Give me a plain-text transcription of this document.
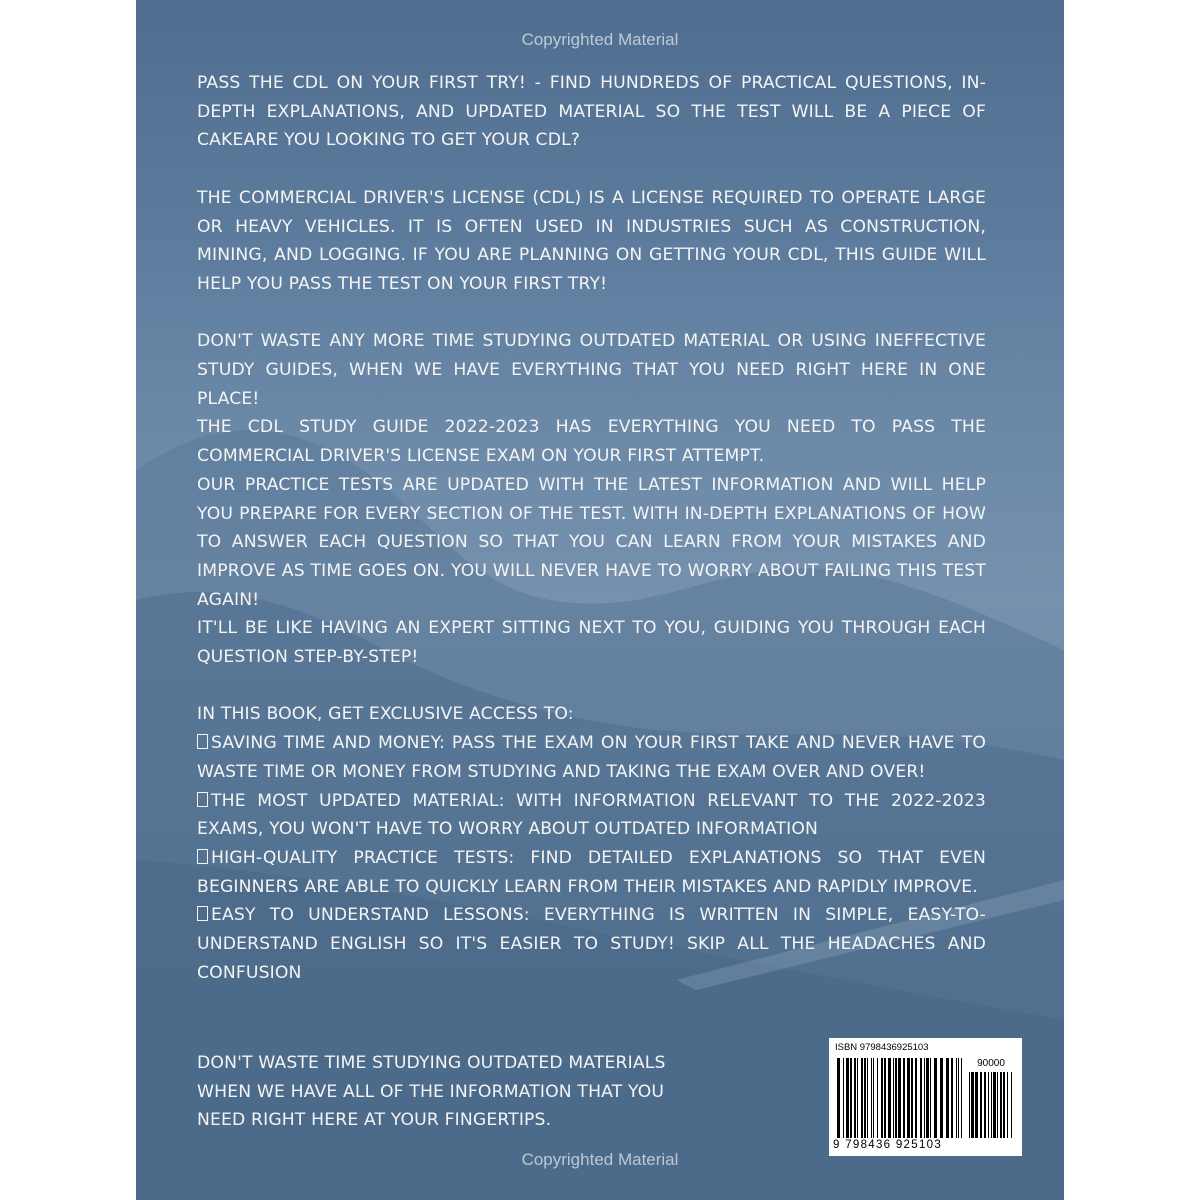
Copyrighted Material

PASS THE CDL ON YOUR FIRST TRY! - FIND HUNDREDS OF PRACTICAL QUESTIONS, IN-DEPTH EXPLANATIONS, AND UPDATED MATERIAL SO THE TEST WILL BE A PIECE OF CAKEARE YOU LOOKING TO GET YOUR CDL?

THE COMMERCIAL DRIVER'S LICENSE (CDL) IS A LICENSE REQUIRED TO OPERATE LARGE OR HEAVY VEHICLES. IT IS OFTEN USED IN INDUSTRIES SUCH AS CONSTRUCTION, MINING, AND LOGGING. IF YOU ARE PLANNING ON GETTING YOUR CDL, THIS GUIDE WILL HELP YOU PASS THE TEST ON YOUR FIRST TRY!

DON'T WASTE ANY MORE TIME STUDYING OUTDATED MATERIAL OR USING INEFFECTIVE STUDY GUIDES, WHEN WE HAVE EVERYTHING THAT YOU NEED RIGHT HERE IN ONE PLACE!

THE CDL STUDY GUIDE 2022-2023 HAS EVERYTHING YOU NEED TO PASS THE COMMERCIAL DRIVER'S LICENSE EXAM ON YOUR FIRST ATTEMPT.

OUR PRACTICE TESTS ARE UPDATED WITH THE LATEST INFORMATION AND WILL HELP YOU PREPARE FOR EVERY SECTION OF THE TEST. WITH IN-DEPTH EXPLANATIONS OF HOW TO ANSWER EACH QUESTION SO THAT YOU CAN LEARN FROM YOUR MISTAKES AND IMPROVE AS TIME GOES ON. YOU WILL NEVER HAVE TO WORRY ABOUT FAILING THIS TEST AGAIN!

IT'LL BE LIKE HAVING AN EXPERT SITTING NEXT TO YOU, GUIDING YOU THROUGH EACH QUESTION STEP-BY-STEP!

IN THIS BOOK, GET EXCLUSIVE ACCESS TO:

SAVING TIME AND MONEY: PASS THE EXAM ON YOUR FIRST TAKE AND NEVER HAVE TO WASTE TIME OR MONEY FROM STUDYING AND TAKING THE EXAM OVER AND OVER!

THE MOST UPDATED MATERIAL: WITH INFORMATION RELEVANT TO THE 2022-2023 EXAMS, YOU WON'T HAVE TO WORRY ABOUT OUTDATED INFORMATION

HIGH-QUALITY PRACTICE TESTS: FIND DETAILED EXPLANATIONS SO THAT EVEN BEGINNERS ARE ABLE TO QUICKLY LEARN FROM THEIR MISTAKES AND RAPIDLY IMPROVE.

EASY TO UNDERSTAND LESSONS: EVERYTHING IS WRITTEN IN SIMPLE, EASY-TO-UNDERSTAND ENGLISH SO IT'S EASIER TO STUDY! SKIP ALL THE HEADACHES AND CONFUSION

DON'T WASTE TIME STUDYING OUTDATED MATERIALS WHEN WE HAVE ALL OF THE INFORMATION THAT YOU NEED RIGHT HERE AT YOUR FINGERTIPS.

Copyrighted Material
ISBN 9798436925103
90000
9 798436 925103
